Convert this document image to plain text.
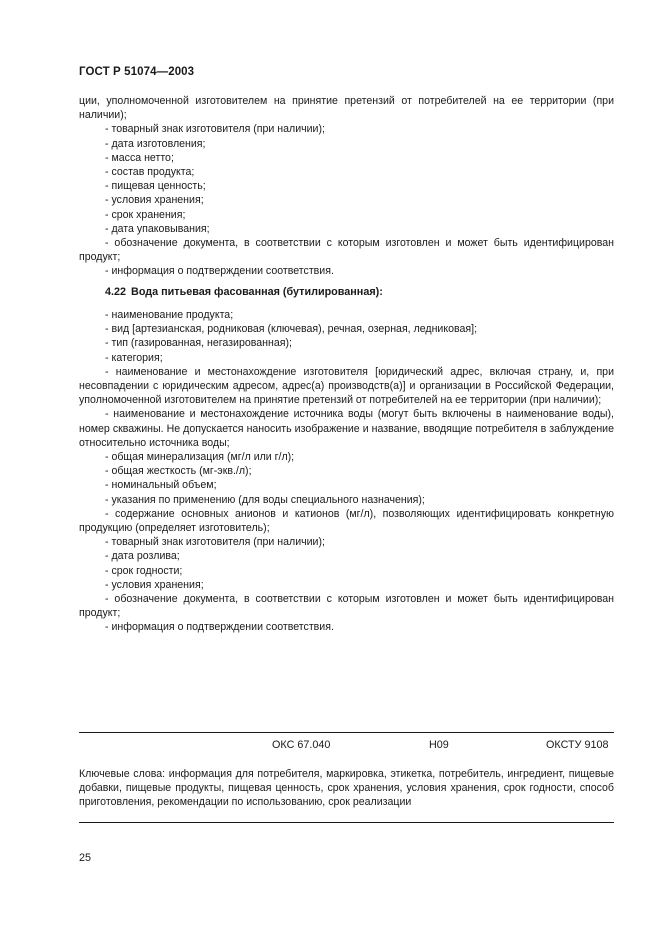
ГОСТ Р 51074—2003

ции, уполномоченной изготовителем на принятие претензий от потребителей на ее территории (при наличии);

- товарный знак изготовителя (при наличии);

- дата изготовления;

- масса нетто;

- состав продукта;

- пищевая ценность;

- условия хранения;

- срок хранения;

- дата упаковывания;

- обозначение документа, в соответствии с которым изготовлен и может быть идентифицирован продукт;

- информация о подтверждении соответствия.

4.22 Вода питьевая фасованная (бутилированная):

- наименование продукта;

- вид [артезианская, родниковая (ключевая), речная, озерная, ледниковая];

- тип (газированная, негазированная);

- категория;

- наименование и местонахождение изготовителя [юридический адрес, включая страну, и, при несовпадении с юридическим адресом, адрес(а) производств(а)] и организации в Российской Федерации, уполномоченной изготовителем на принятие претензий от потребителей на ее территории (при наличии);

- наименование и местонахождение источника воды (могут быть включены в наименование воды), номер скважины. Не допускается наносить изображение и название, вводящие потребителя в заблуждение относительно источника воды;

- общая минерализация (мг/л или г/л);

- общая жесткость (мг-экв./л);

- номинальный объем;

- указания по применению (для воды специального назначения);

- содержание основных анионов и катионов (мг/л), позволяющих идентифицировать конкретную продукцию (определяет изготовитель);

- товарный знак изготовителя (при наличии);

- дата розлива;

- срок годности;

- условия хранения;

- обозначение документа, в соответствии с которым изготовлен и может быть идентифицирован продукт;

- информация о подтверждении соответствия.

ОКС 67.040	Н09	ОКСТУ 9108

Ключевые слова: информация для потребителя, маркировка, этикетка, потребитель, ингредиент, пищевые добавки, пищевые продукты, пищевая ценность, срок хранения, условия хранения, срок годности, способ приготовления, рекомендации по использованию, срок реализации

25
